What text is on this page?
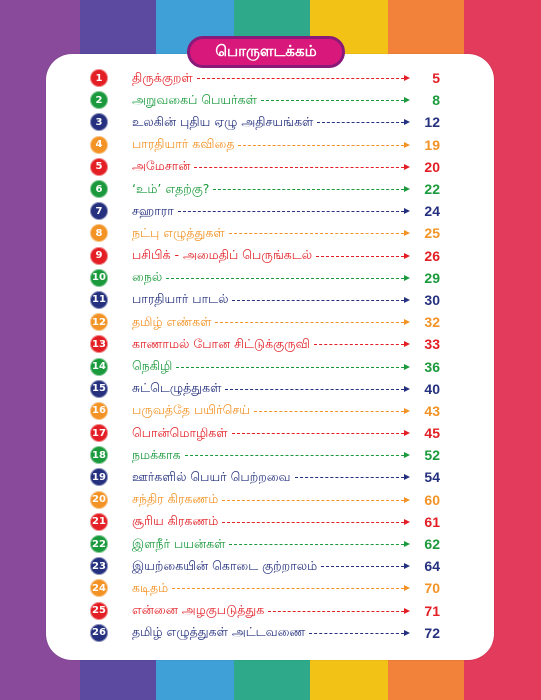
பொருளடக்கம்
1	திருக்குறள்	5
2	அறுவகைப் பெயர்கள்	8
3	உலகின் புதிய ஏழு அதிசயங்கள்	12
4	பாரதியார் கவிதை	19
5	அமேசான்	20
6	‘உம்’ எதற்கு?	22
7	சஹாரா	24
8	நட்பு எழுத்துகள்	25
9	பசிபிக் - அமைதிப் பெருங்கடல்	26
10 நைல்	29
11 பாரதியார் பாடல்	30
12 தமிழ் எண்கள்	32
13 காணாமல் போன சிட்டுக்குருவி	33
14 நெகிழி	36
15 சுட்டெழுத்துகள்	40
16 பருவத்தே பயிர்செய்	43
17 பொன்மொழிகள்	45
18 நமக்காக	52
19 ஊர்களில் பெயர் பெற்றவை	54
20 சந்திர கிரகணம்	60
21 சூரிய கிரகணம்	61
22 இளநீர் பயன்கள்	62
23 இயற்கையின் கொடை குற்றாலம்	64
24 கடிதம்	70
25 என்னை அழகுபடுத்துக	71
26 தமிழ் எழுத்துகள் அட்டவணை	72
